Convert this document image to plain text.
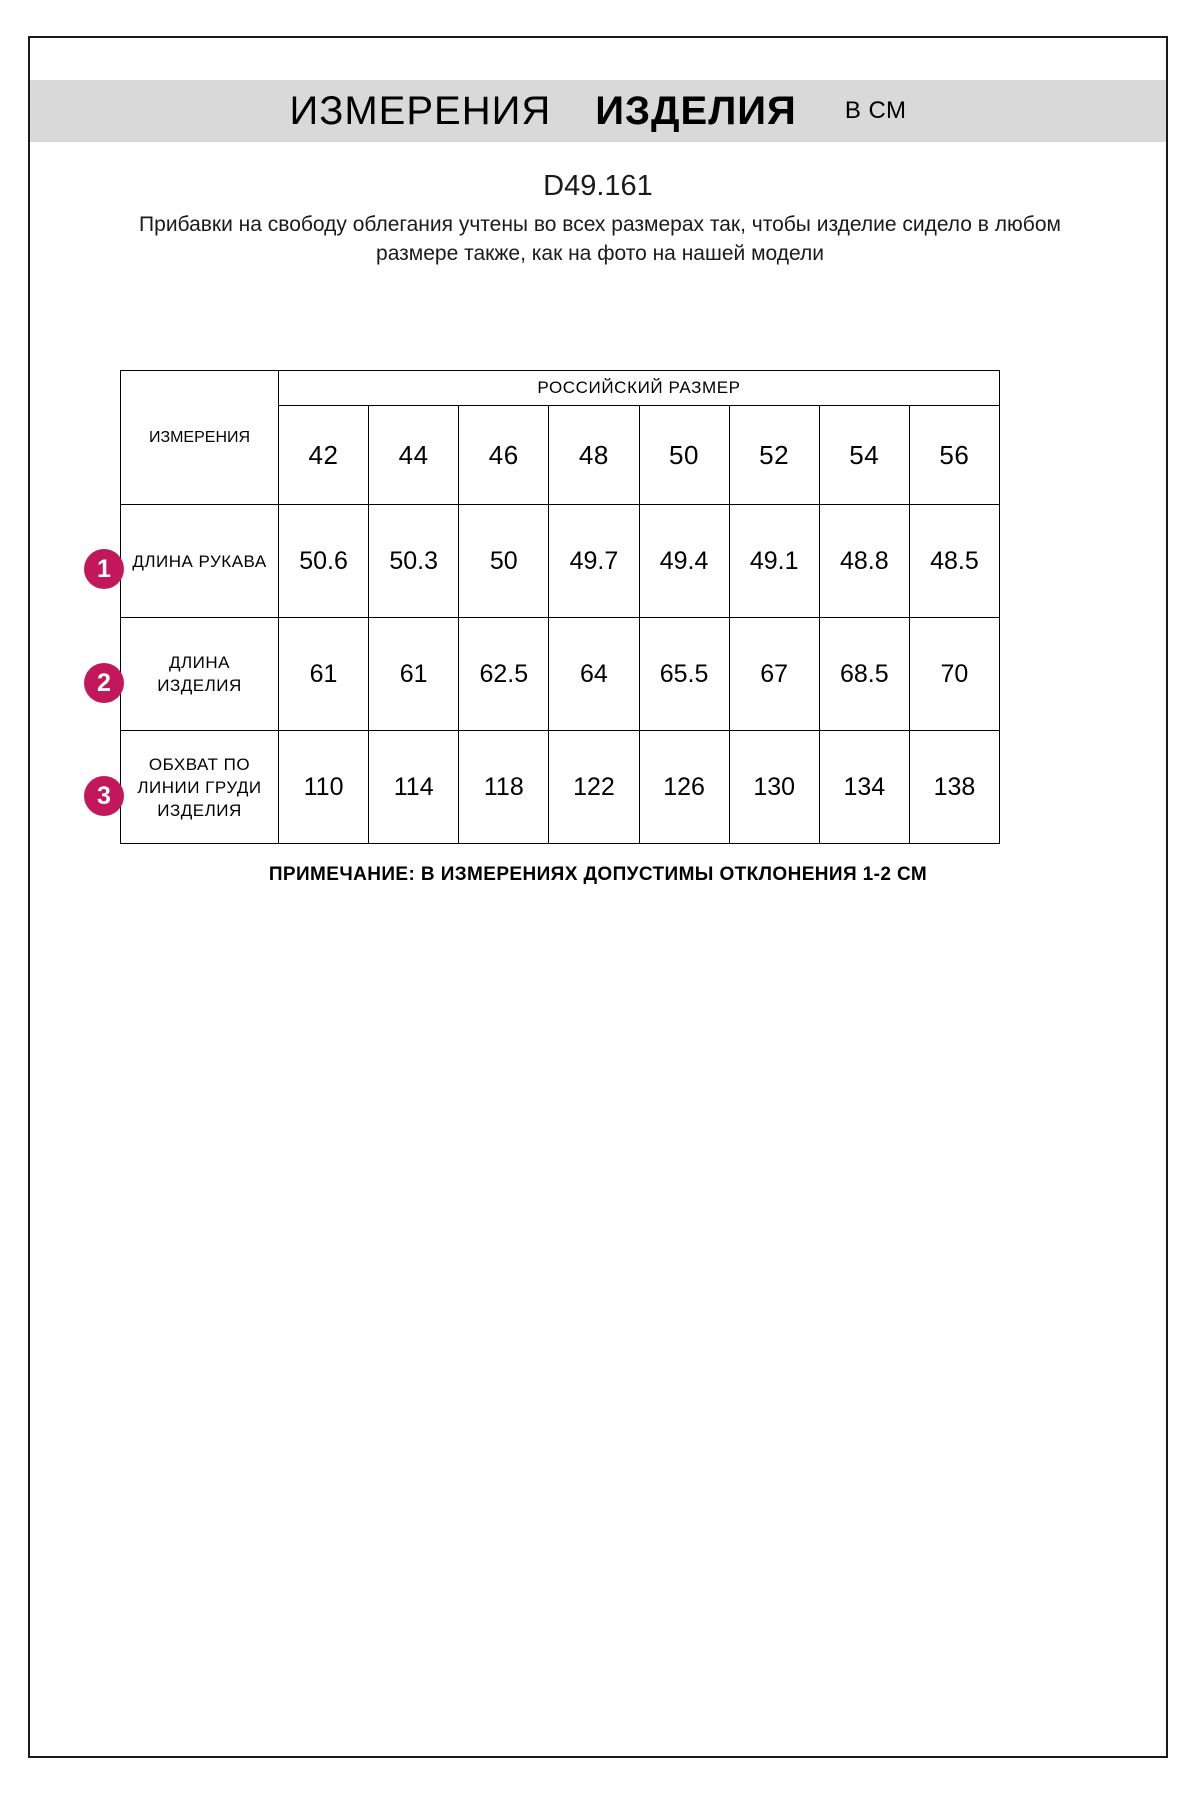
ИЗМЕРЕНИЯ ИЗДЕЛИЯ В СМ
D49.161
Прибавки на свободу облегания учтены во всех размерах так, чтобы изделие сидело в любом размере также, как на фото на нашей модели
ИЗМЕРЕНИЯ	РОССИЙСКИЙ РАЗМЕР							
	42	44	46	48	50	52	54	56
ДЛИНА РУКАВА	50.6	50.3	50	49.7	49.4	49.1	48.8	48.5
ДЛИНА ИЗДЕЛИЯ	61	61	62.5	64	65.5	67	68.5	70
ОБХВАТ ПО ЛИНИИ ГРУДИ ИЗДЕЛИЯ	110	114	118	122	126	130	134	138
1
2
3
ПРИМЕЧАНИЕ: В ИЗМЕРЕНИЯХ ДОПУСТИМЫ ОТКЛОНЕНИЯ 1-2 СМ
